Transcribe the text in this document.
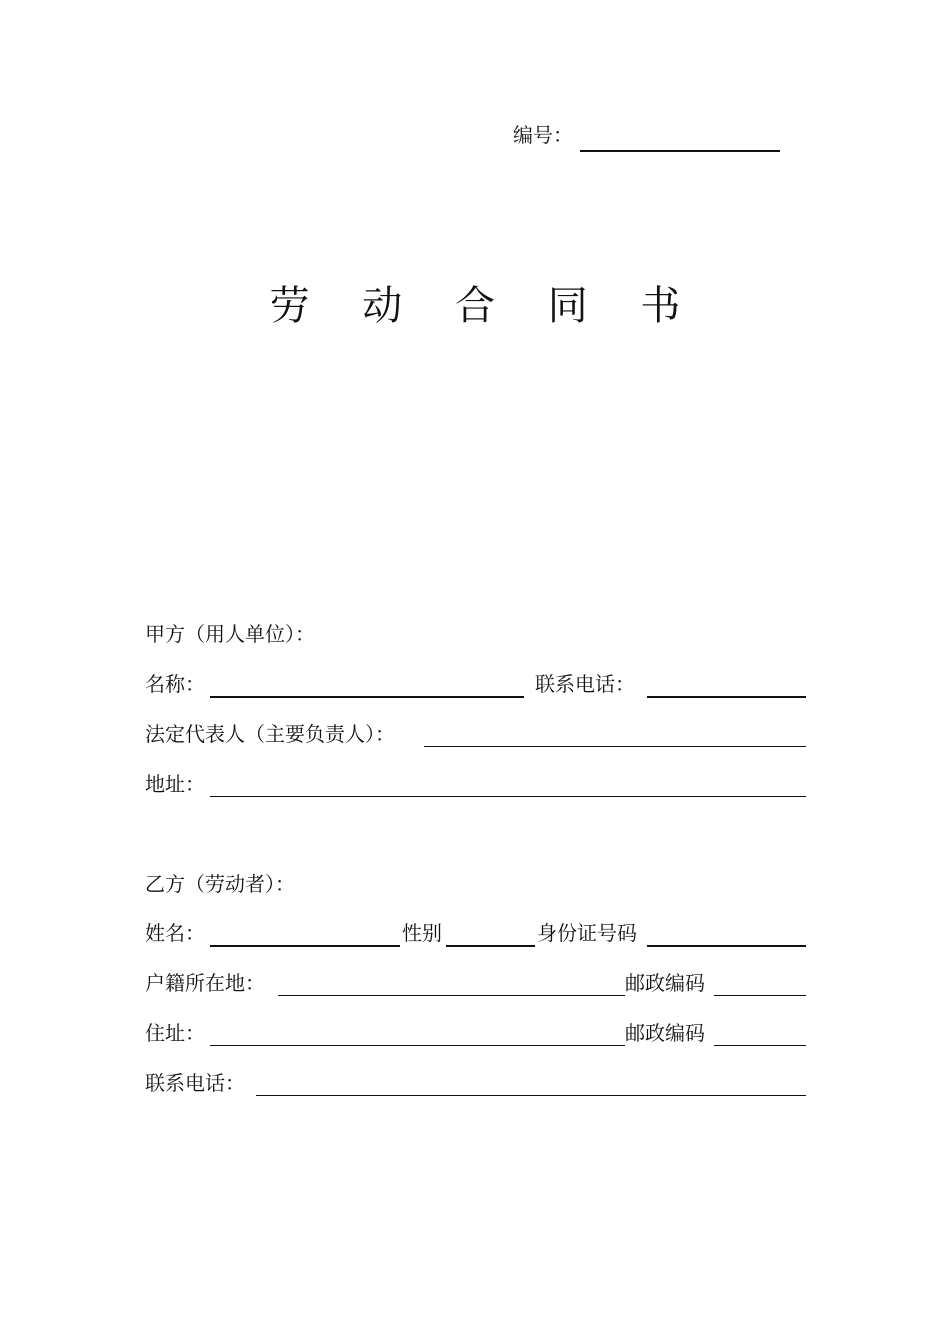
编号：
劳 动 合 同 书
甲方（用人单位）：
名称：	联系电话：
法定代表人（主要负责人）：
地址：
乙方（劳动者）：
姓名：	性别	身份证号码
户籍所在地：	邮政编码
住址：	邮政编码
联系电话：
